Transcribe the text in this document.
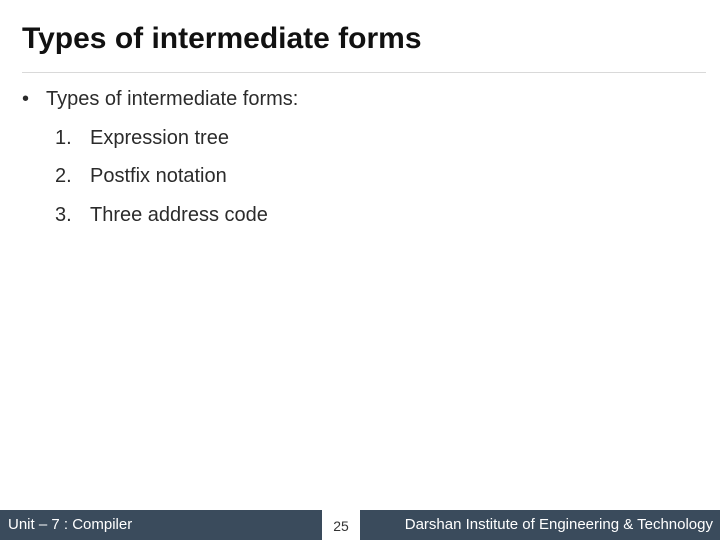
Types of intermediate forms
• Types of intermediate forms:
1. Expression tree
2. Postfix notation
3. Three address code
Unit – 7 : Compiler	25	Darshan Institute of Engineering & Technology
